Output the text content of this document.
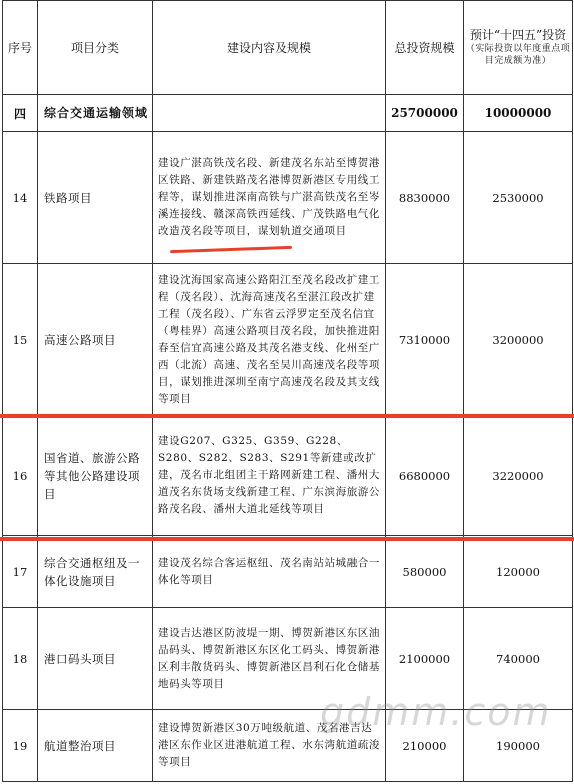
序号	项目分类	建设内容及规模	总投资规模	预计“十四五”投资
（实际投资以年度重点项目完成额为准）

四	综合交通运输领域		25700000	10000000
14	铁路项目	建设广湛高铁茂名段、新建茂名东站至博贺港区铁路、新建铁路茂名港博贺新港区专用线工程等，谋划推进深南高铁与广湛高铁茂名至岑溪连接线、赣深高铁西延线、广茂铁路电气化改造茂名段等项目，谋划轨道交通项目	8830000	2530000
15	高速公路项目	建设沈海国家高速公路阳江至茂名段改扩建工程（茂名段）、沈海高速茂名至湛江段改扩建工程（茂名段）、广东省云浮罗定至茂名信宜（粤桂界）高速公路项目茂名段，加快推进阳春至信宜高速公路及其茂名港支线、化州至广西（北流）高速、茂名至吴川高速茂名段等项目，谋划推进深圳至南宁高速茂名段及其支线等项目	7310000	3200000
16	国省道、旅游公路等其他公路建设项目	建设G207、G325、G359、G228、S280、S282、S283、S291等新建或改扩建，茂名市北组团主干路网新建工程、潘州大道茂名东货场支线新建工程、广东滨海旅游公路茂名段、潘州大道北延线等项目	6680000	3220000
17	综合交通枢纽及一体化设施项目	建设茂名综合客运枢纽、茂名南站站城融合一体化等项目	580000	120000
18	港口码头项目	建设吉达港区防波堤一期、博贺新港区东区油品码头、博贺新港区东区化工码头、博贺新港区利丰散货码头、博贺新港区昌利石化仓储基地码头等项目	2100000	740000
19	航道整治项目	建设博贺新港区30万吨级航道、茂名港吉达港区东作业区进港航道工程、水东湾航道疏浚等项目	210000	190000
gdmm.com
